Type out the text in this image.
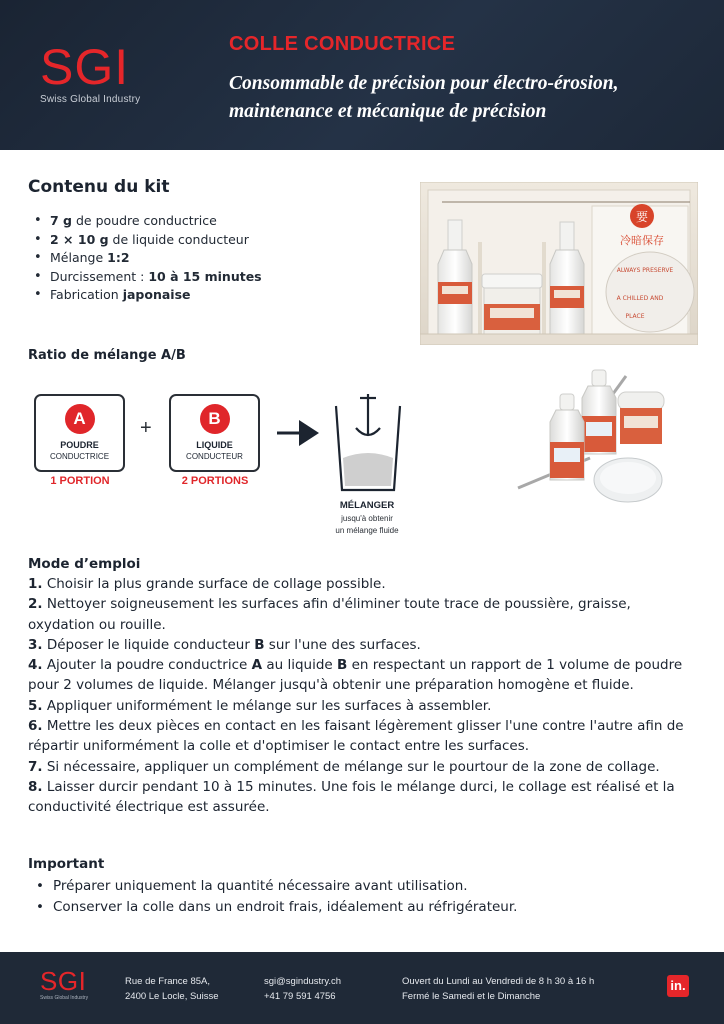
SGI
Swiss Global Industry
COLLE CONDUCTRICE
Consommable de précision pour électro-érosion, maintenance et mécanique de précision
Contenu du kit
• 7 g de poudre conductrice
• 2 × 10 g de liquide conducteur
• Mélange 1:2
• Durcissement : 10 à 15 minutes
• Fabrication japonaise
要
冷暗保存
ALWAYS PRESERVE
A CHILLED AND
PLACE
Ratio de mélange A/B
A
POUDRE
CONDUCTRICE
1 PORTION
+	B
LIQUIDE
CONDUCTEUR
2 PORTIONS
MÉLANGER
jusqu'à obtenir
un mélange fluide
Mode d’emploi
1. Choisir la plus grande surface de collage possible.
2. Nettoyer soigneusement les surfaces afin d'éliminer toute trace de poussière, graisse, oxydation ou rouille.
3. Déposer le liquide conducteur B sur l'une des surfaces.
4. Ajouter la poudre conductrice A au liquide B en respectant un rapport de 1 volume de poudre pour 2 volumes de liquide. Mélanger jusqu'à obtenir une préparation homogène et fluide.
5. Appliquer uniformément le mélange sur les surfaces à assembler.
6. Mettre les deux pièces en contact en les faisant légèrement glisser l'une contre l'autre afin de répartir uniformément la colle et d'optimiser le contact entre les surfaces.
7. Si nécessaire, appliquer un complément de mélange sur le pourtour de la zone de collage.
8. Laisser durcir pendant 10 à 15 minutes. Une fois le mélange durci, le collage est réalisé et la conductivité électrique est assurée.
Important
• Préparer uniquement la quantité nécessaire avant utilisation.
• Conserver la colle dans un endroit frais, idéalement au réfrigérateur.
SGI
Swiss Global Industry
Rue de France 85A,
2400 Le Locle, Suisse
sgi@sgindustry.ch
+41 79 591 4756
Ouvert du Lundi au Vendredi de 8 h 30 à 16 h
Fermé le Samedi et le Dimanche
in.
